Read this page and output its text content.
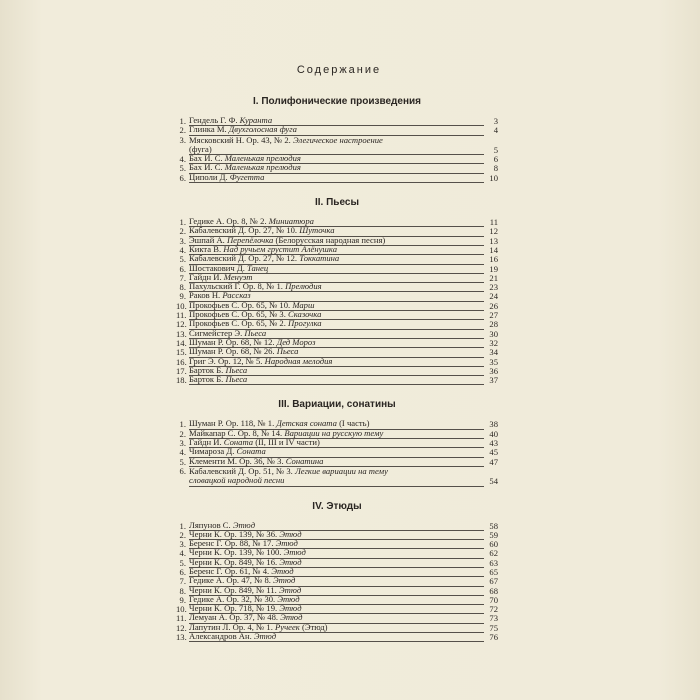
Содержание
I. Полифонические произведения
1. Гендель Г. Ф. Куранта	3
2. Глинка М. Двухголосная фуга	4
3. Мясковский Н. Ор. 43, № 2. Элегическое настроение
(фуга)	5
4. Бах И. С. Маленькая прелюдия	6
5. Бах И. С. Маленькая прелюдия	8
6. Циполи Д. Фугетта	10
II. Пьесы
1. Гедике А. Ор. 8, № 2. Миниатюра	11
2. Кабалевский Д. Ор. 27, № 10. Шуточка	12
3. Эшпай А. Перепёлочка (Белорусская народная песня)	13
4. Кикта В. Над ручьем грустит Алёнушка	14
5. Кабалевский Д. Ор. 27, № 12. Токкатина	16
6. Шостакович Д. Танец	19
7. Гайдн И. Менуэт	21
8. Пахульский Г. Ор. 8, № 1. Прелюдия	23
9. Раков Н. Рассказ	24
10. Прокофьев С. Ор. 65, № 10. Марш	26
11. Прокофьев С. Ор. 65, № 3. Сказочка	27
12. Прокофьев С. Ор. 65, № 2. Прогулка	28
13. Сигмейстер Э. Пьеса	30
14. Шуман Р. Ор. 68, № 12. Дед Мороз	32
15. Шуман Р. Ор. 68, № 26. Пьеса	34
16. Григ Э. Ор. 12, № 5. Народная мелодия	35
17. Барток Б. Пьеса	36
18. Барток Б. Пьеса	37
III. Вариации, сонатины
1. Шуман Р. Ор. 118, № 1. Детская соната (I часть)	38
2. Майкапар С. Ор. 8, № 14. Вариации на русскую тему	40
3. Гайдн И. Соната (II, III и IV части)	43
4. Чимароза Д. Соната	45
5. Клементи М. Ор. 36, № 3. Сонатина	47
6. Кабалевский Д. Ор. 51, № 3. Легкие вариации на тему
словацкой народной песни	54
IV. Этюды
1. Ляпунов С. Этюд	58
2. Черни К. Ор. 139, № 36. Этюд	59
3. Беренс Г. Ор. 88, № 17. Этюд	60
4. Черни К. Ор. 139, № 100. Этюд	62
5. Черни К. Ор. 849, № 16. Этюд	63
6. Беренс Г. Ор. 61, № 4. Этюд	65
7. Гедике А. Ор. 47, № 8. Этюд	67
8. Черни К. Ор. 849, № 11. Этюд	68
9. Гедике А. Ор. 32, № 30. Этюд	70
10. Черни К. Ор. 718, № 19. Этюд	72
11. Лемуан А. Ор. 37, № 48. Этюд	73
12. Лапутин Л. Ор. 4, № 1. Ручеек (Этюд)	75
13. Александров Ан. Этюд	76
